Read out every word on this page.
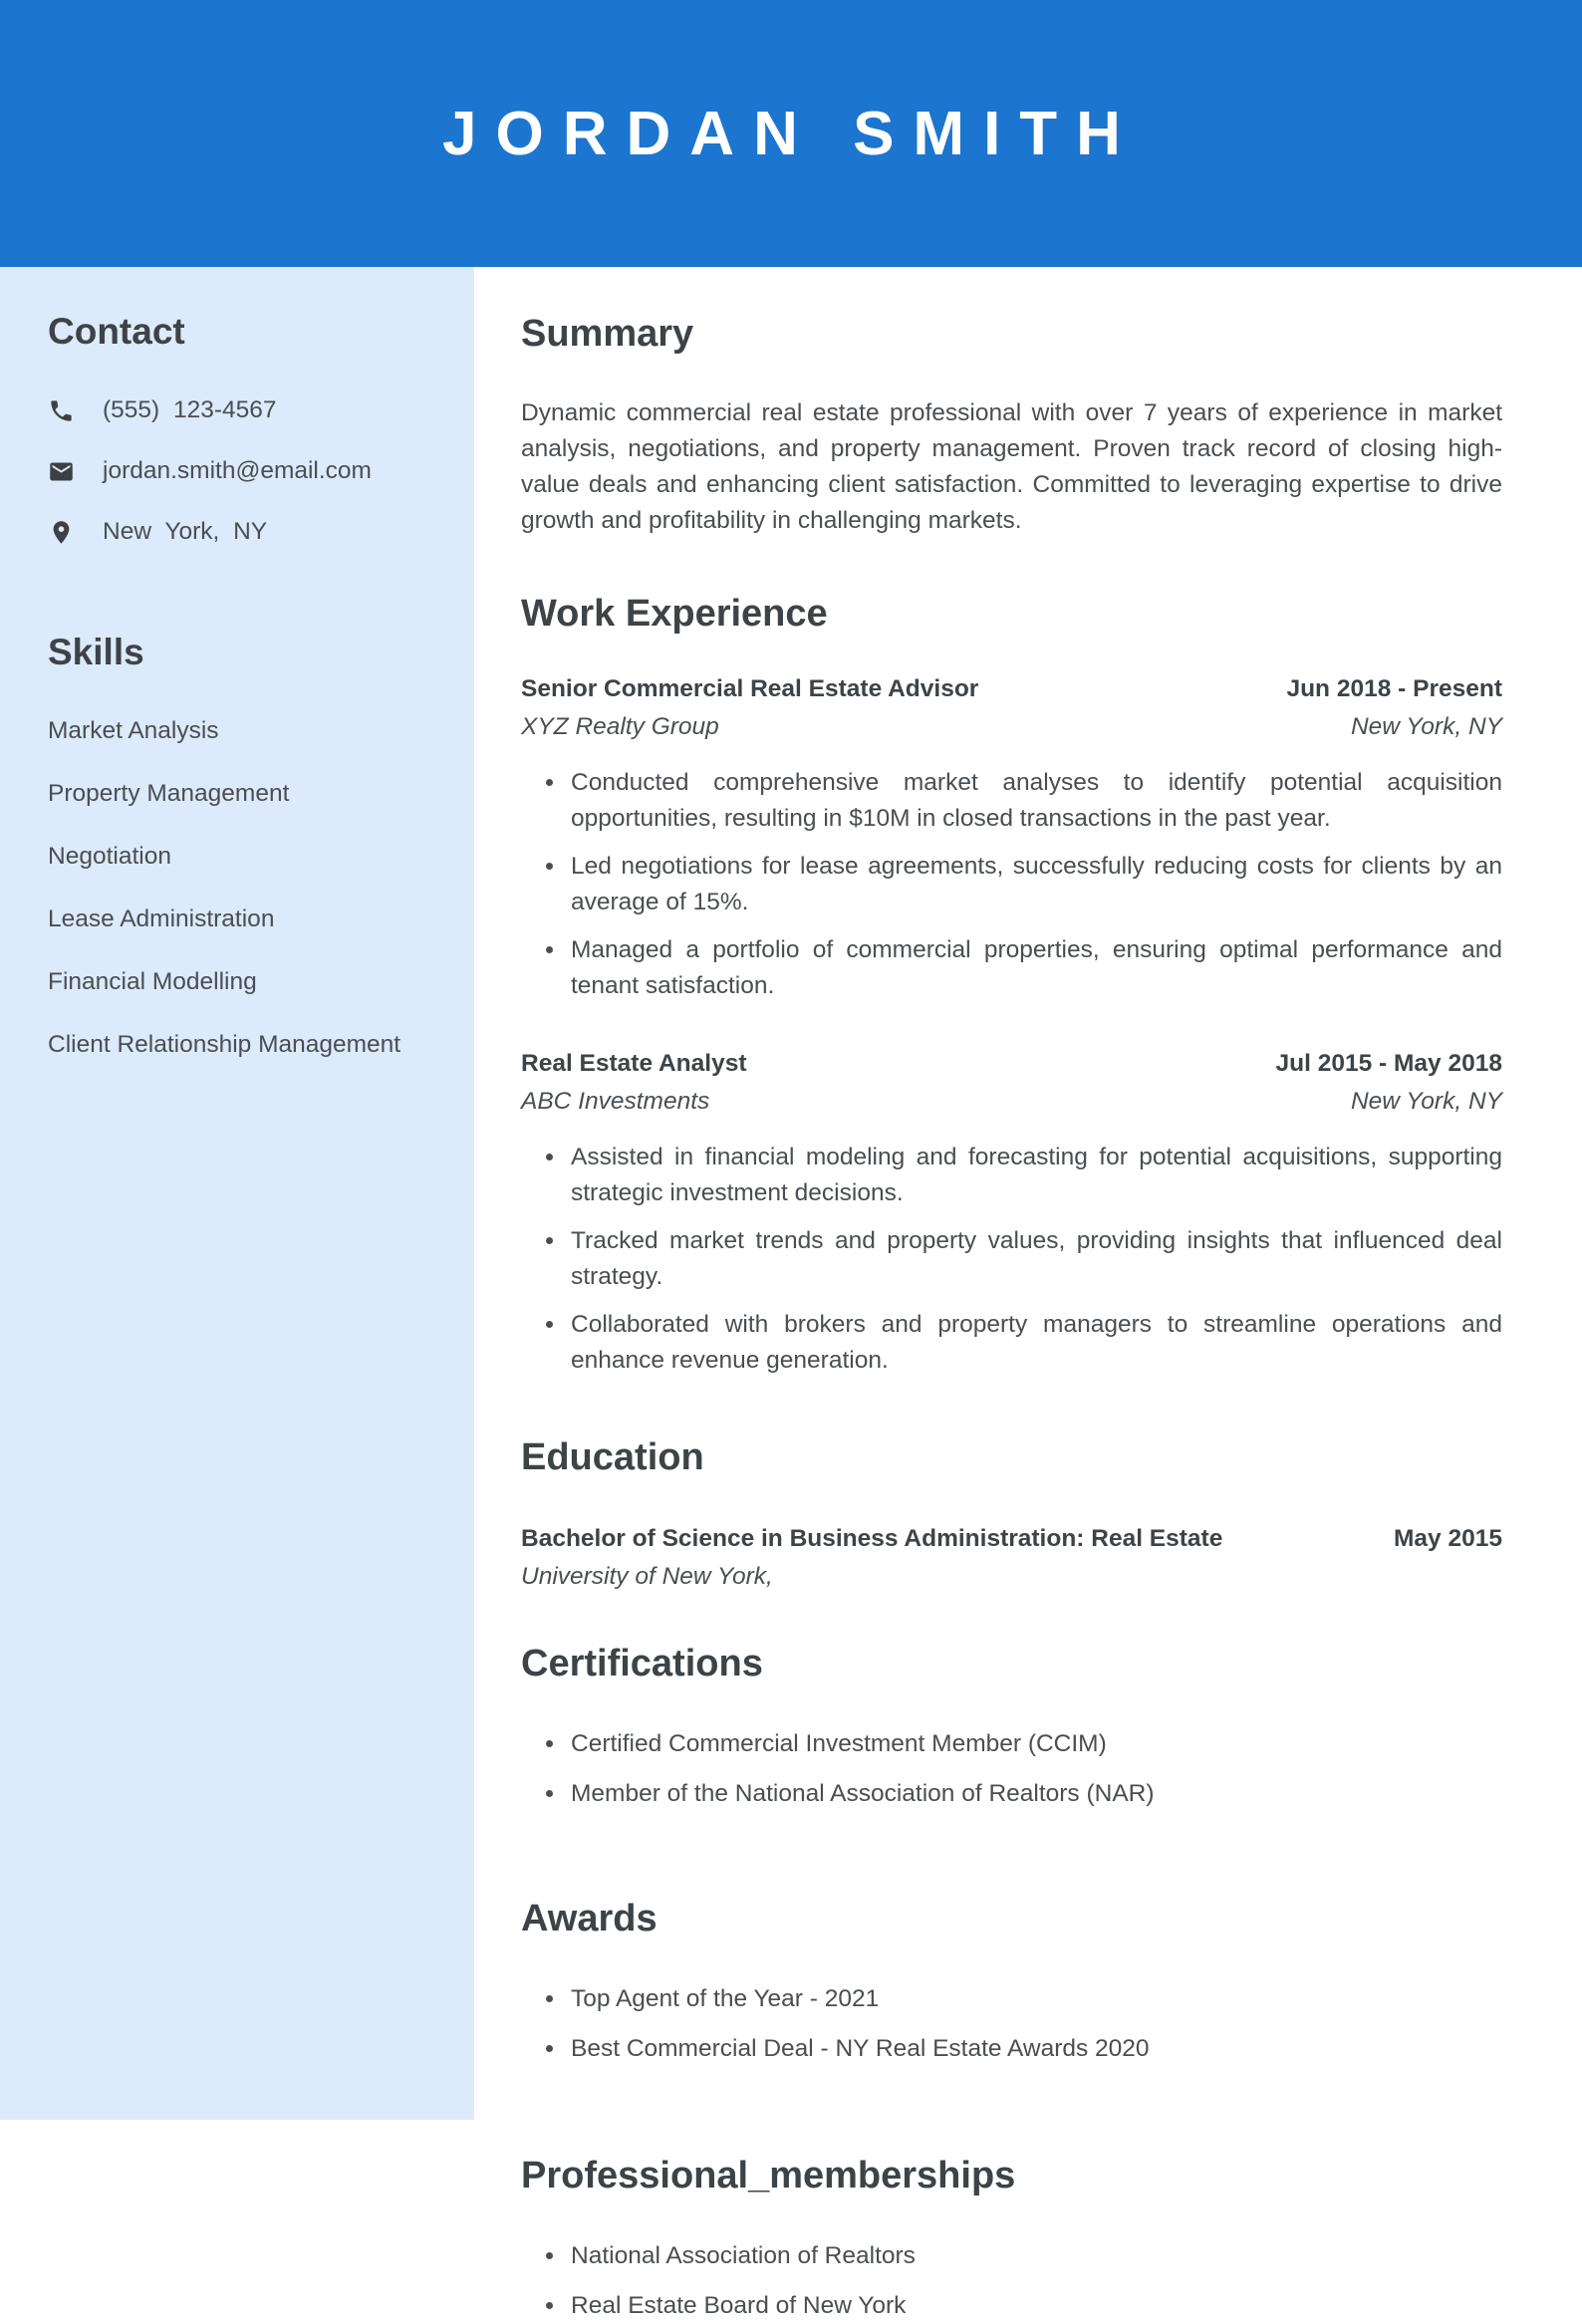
JORDAN SMITH
Contact
(555) 123-4567
jordan.smith@email.com
New York, NY
Skills
Market Analysis
Property Management
Negotiation
Lease Administration
Financial Modelling
Client Relationship Management
Summary

Dynamic commercial real estate professional with over 7 years of experience in market analysis, negotiations, and property management. Proven track record of closing high-value deals and enhancing client satisfaction. Committed to leveraging expertise to drive growth and profitability in challenging markets.

Work Experience
Senior Commercial Real Estate Advisor	Jun 2018 - Present
XYZ Realty Group	New York, NY
• Conducted comprehensive market analyses to identify potential acquisition opportunities, resulting in $10M in closed transactions in the past year.
• Led negotiations for lease agreements, successfully reducing costs for clients by an average of 15%.
• Managed a portfolio of commercial properties, ensuring optimal performance and tenant satisfaction.
Real Estate Analyst	Jul 2015 - May 2018
ABC Investments	New York, NY
• Assisted in financial modeling and forecasting for potential acquisitions, supporting strategic investment decisions.
• Tracked market trends and property values, providing insights that influenced deal strategy.
• Collaborated with brokers and property managers to streamline operations and enhance revenue generation.
Education
Bachelor of Science in Business Administration: Real Estate	May 2015
University of New York,
Certifications
• Certified Commercial Investment Member (CCIM)
• Member of the National Association of Realtors (NAR)
Awards
• Top Agent of the Year - 2021
• Best Commercial Deal - NY Real Estate Awards 2020
Professional_memberships
• National Association of Realtors
• Real Estate Board of New York
